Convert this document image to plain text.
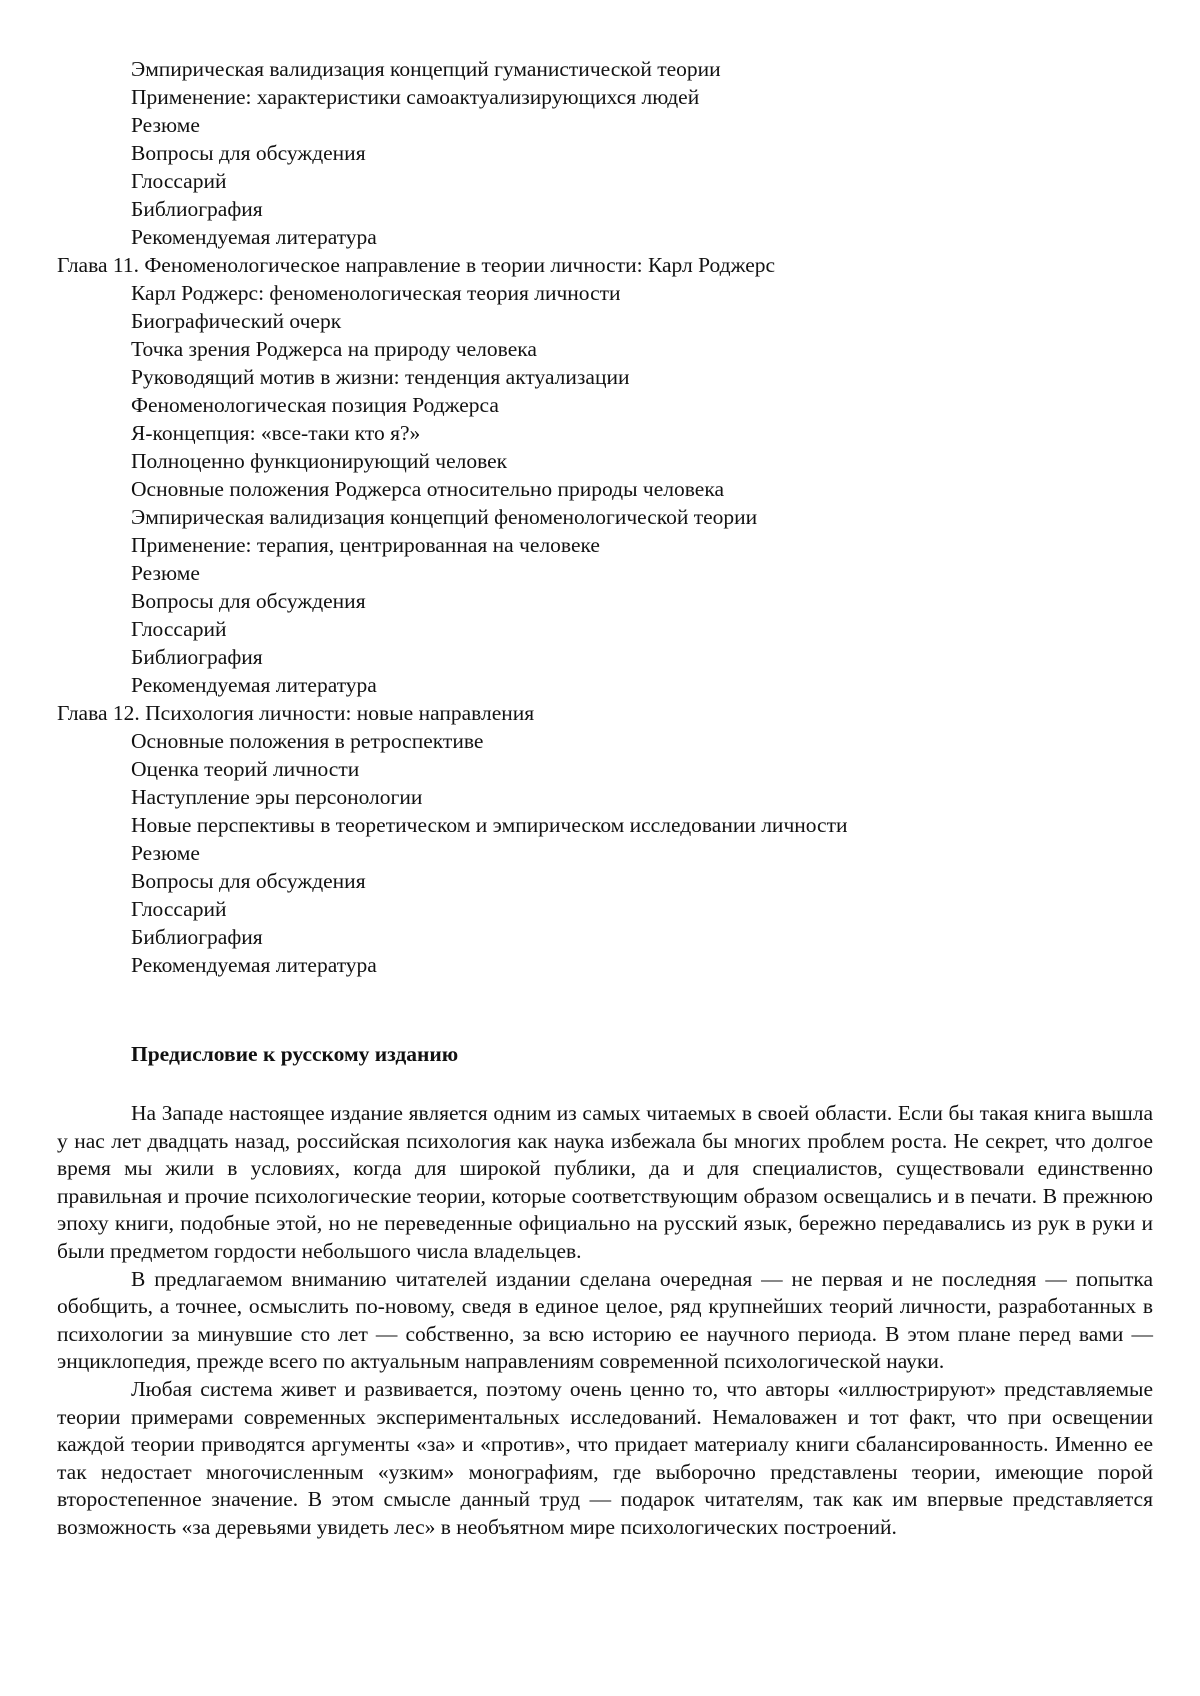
Эмпирическая валидизация концепций гуманистической теории
Применение: характеристики самоактуализирующихся людей
Резюме
Вопросы для обсуждения
Глоссарий
Библиография
Рекомендуемая литература
Глава 11. Феноменологическое направление в теории личности: Карл Роджерс
Карл Роджерс: феноменологическая теория личности
Биографический очерк
Точка зрения Роджерса на природу человека
Руководящий мотив в жизни: тенденция актуализации
Феноменологическая позиция Роджерса
Я-концепция: «все-таки кто я?»
Полноценно функционирующий человек
Основные положения Роджерса относительно природы человека
Эмпирическая валидизация концепций феноменологической теории
Применение: терапия, центрированная на человеке
Резюме
Вопросы для обсуждения
Глоссарий
Библиография
Рекомендуемая литература
Глава 12. Психология личности: новые направления
Основные положения в ретроспективе
Оценка теорий личности
Наступление эры персонологии
Новые перспективы в теоретическом и эмпирическом исследовании личности
Резюме
Вопросы для обсуждения
Глоссарий
Библиография
Рекомендуемая литература
Предисловие к русскому изданию

На Западе настоящее издание является одним из самых читаемых в своей области. Если бы такая книга вышла у нас лет двадцать назад, российская психология как наука избежала бы многих проблем роста. Не секрет, что долгое время мы жили в условиях, когда для широкой публики, да и для специалистов, существовали единственно правильная и прочие психологические теории, которые соответствующим образом освещались и в печати. В прежнюю эпоху книги, подобные этой, но не переведенные официально на русский язык, бережно передавались из рук в руки и были предметом гордости небольшого числа владельцев.

В предлагаемом вниманию читателей издании сделана очередная — не первая и не последняя — попытка обобщить, а точнее, осмыслить по-новому, сведя в единое целое, ряд крупнейших теорий личности, разработанных в психологии за минувшие сто лет — собственно, за всю историю ее научного периода. В этом плане перед вами — энциклопедия, прежде всего по актуальным направлениям современной психологической науки.

Любая система живет и развивается, поэтому очень ценно то, что авторы «иллюстрируют» представляемые теории примерами современных экспериментальных исследований. Немаловажен и тот факт, что при освещении каждой теории приводятся аргументы «за» и «против», что придает материалу книги сбалансированность. Именно ее так недостает многочисленным «узким» монографиям, где выборочно представлены теории, имеющие порой второстепенное значение. В этом смысле данный труд — подарок читателям, так как им впервые представляется возможность «за деревьями увидеть лес» в необъятном мире психологических построений.
